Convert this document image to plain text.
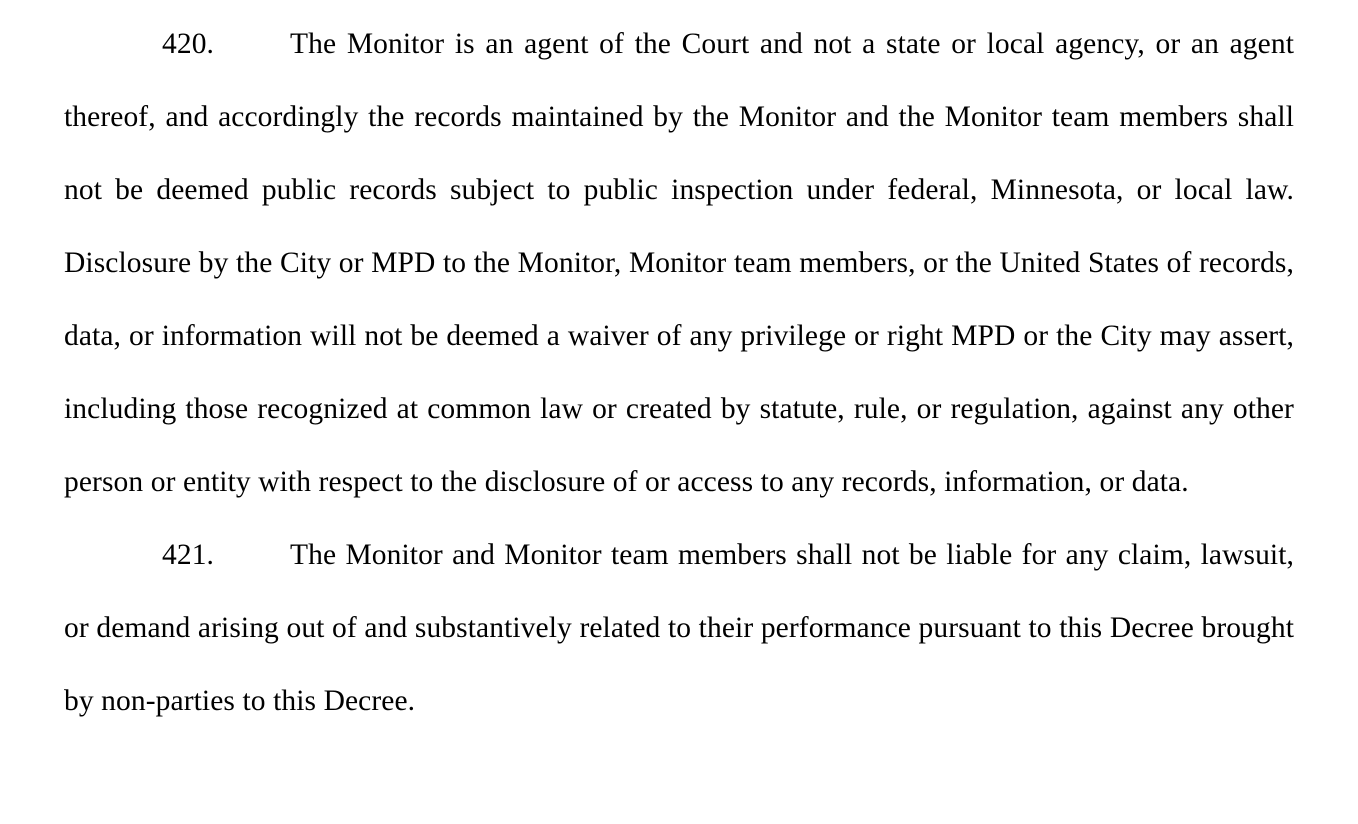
420.	The Monitor is an agent of the Court and not a state or local agency, or an agent thereof, and accordingly the records maintained by the Monitor and the Monitor team members shall not be deemed public records subject to public inspection under federal, Minnesota, or local law. Disclosure by the City or MPD to the Monitor, Monitor team members, or the United States of records, data, or information will not be deemed a waiver of any privilege or right MPD or the City may assert, including those recognized at common law or created by statute, rule, or regulation, against any other person or entity with respect to the disclosure of or access to any records, information, or data.

421.	The Monitor and Monitor team members shall not be liable for any claim, lawsuit, or demand arising out of and substantively related to their performance pursuant to this Decree brought by non-parties to this Decree.
